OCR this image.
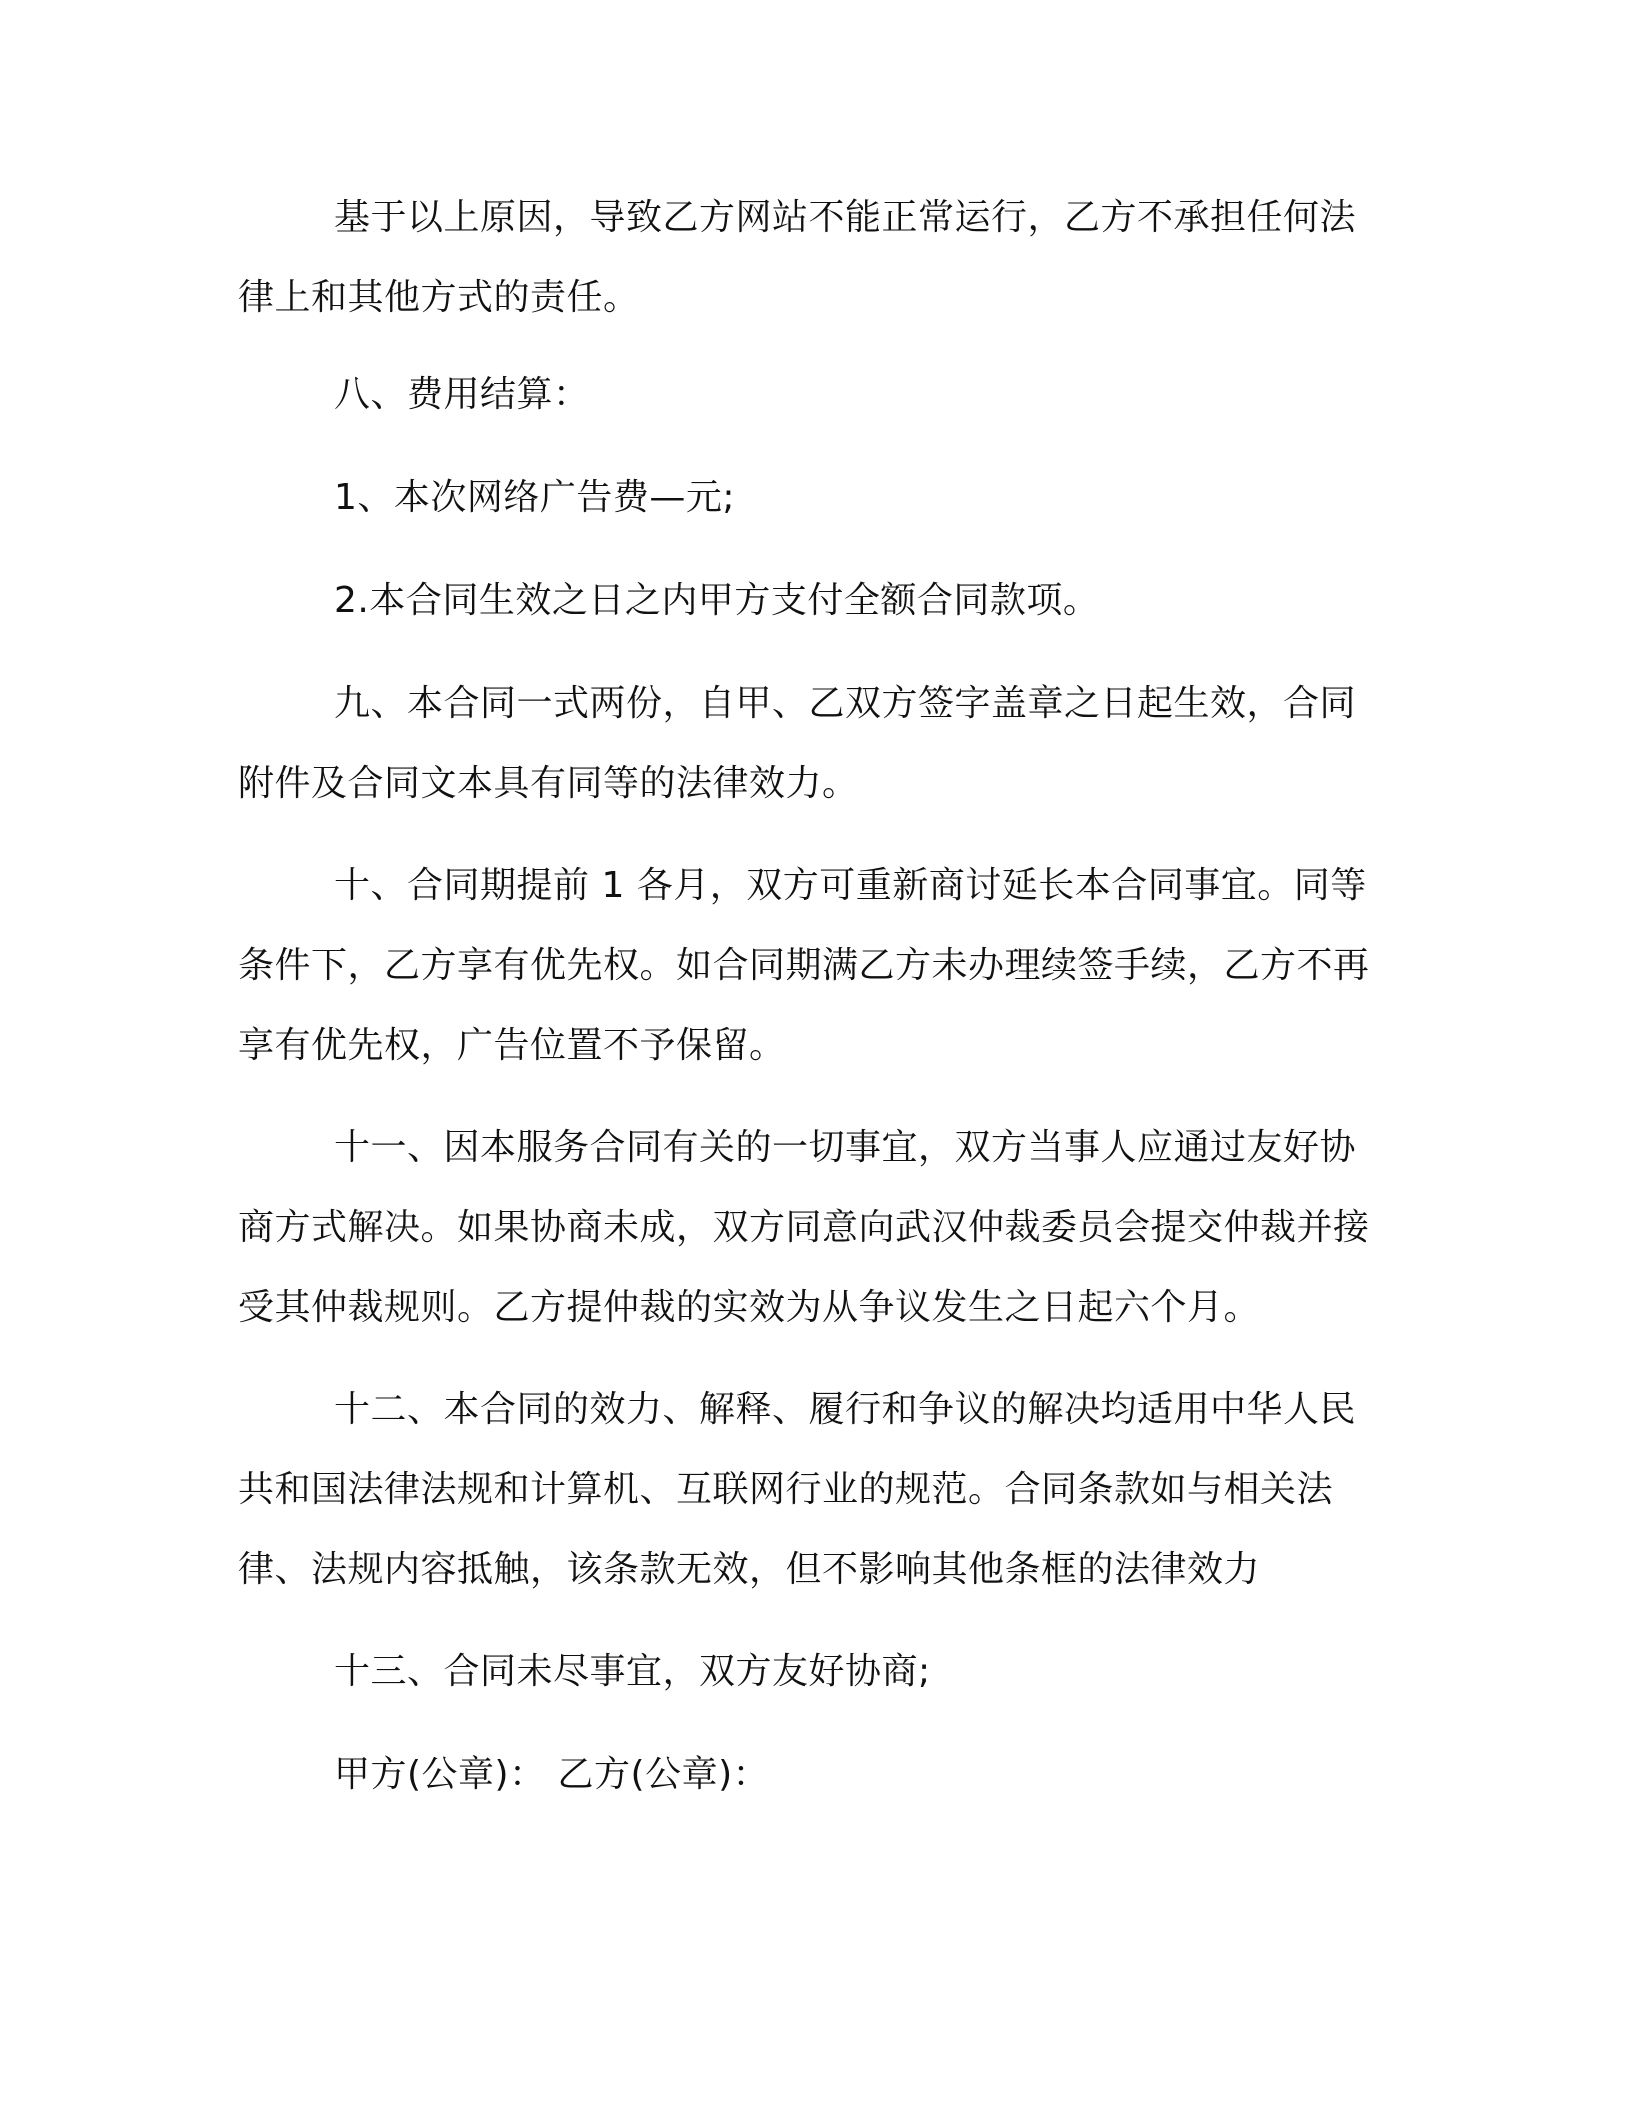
基于以上原因，导致乙方网站不能正常运行，乙方不承担任何法律上和其他方式的责任。

八、费用结算：

1、本次网络广告费—元;

2.本合同生效之日之内甲方支付全额合同款项。

九、本合同一式两份，自甲、乙双方签字盖章之日起生效，合同附件及合同文本具有同等的法律效力。

十、合同期提前 1 各月，双方可重新商讨延长本合同事宜。同等条件下，乙方享有优先权。如合同期满乙方未办理续签手续，乙方不再享有优先权，广告位置不予保留。

十一、因本服务合同有关的一切事宜，双方当事人应通过友好协商方式解决。如果协商未成，双方同意向武汉仲裁委员会提交仲裁并接受其仲裁规则。乙方提仲裁的实效为从争议发生之日起六个月。

十二、本合同的效力、解释、履行和争议的解决均适用中华人民共和国法律法规和计算机、互联网行业的规范。合同条款如与相关法律、法规内容抵触，该条款无效，但不影响其他条框的法律效力

十三、合同未尽事宜，双方友好协商;

甲方(公章)： 乙方(公章)：
